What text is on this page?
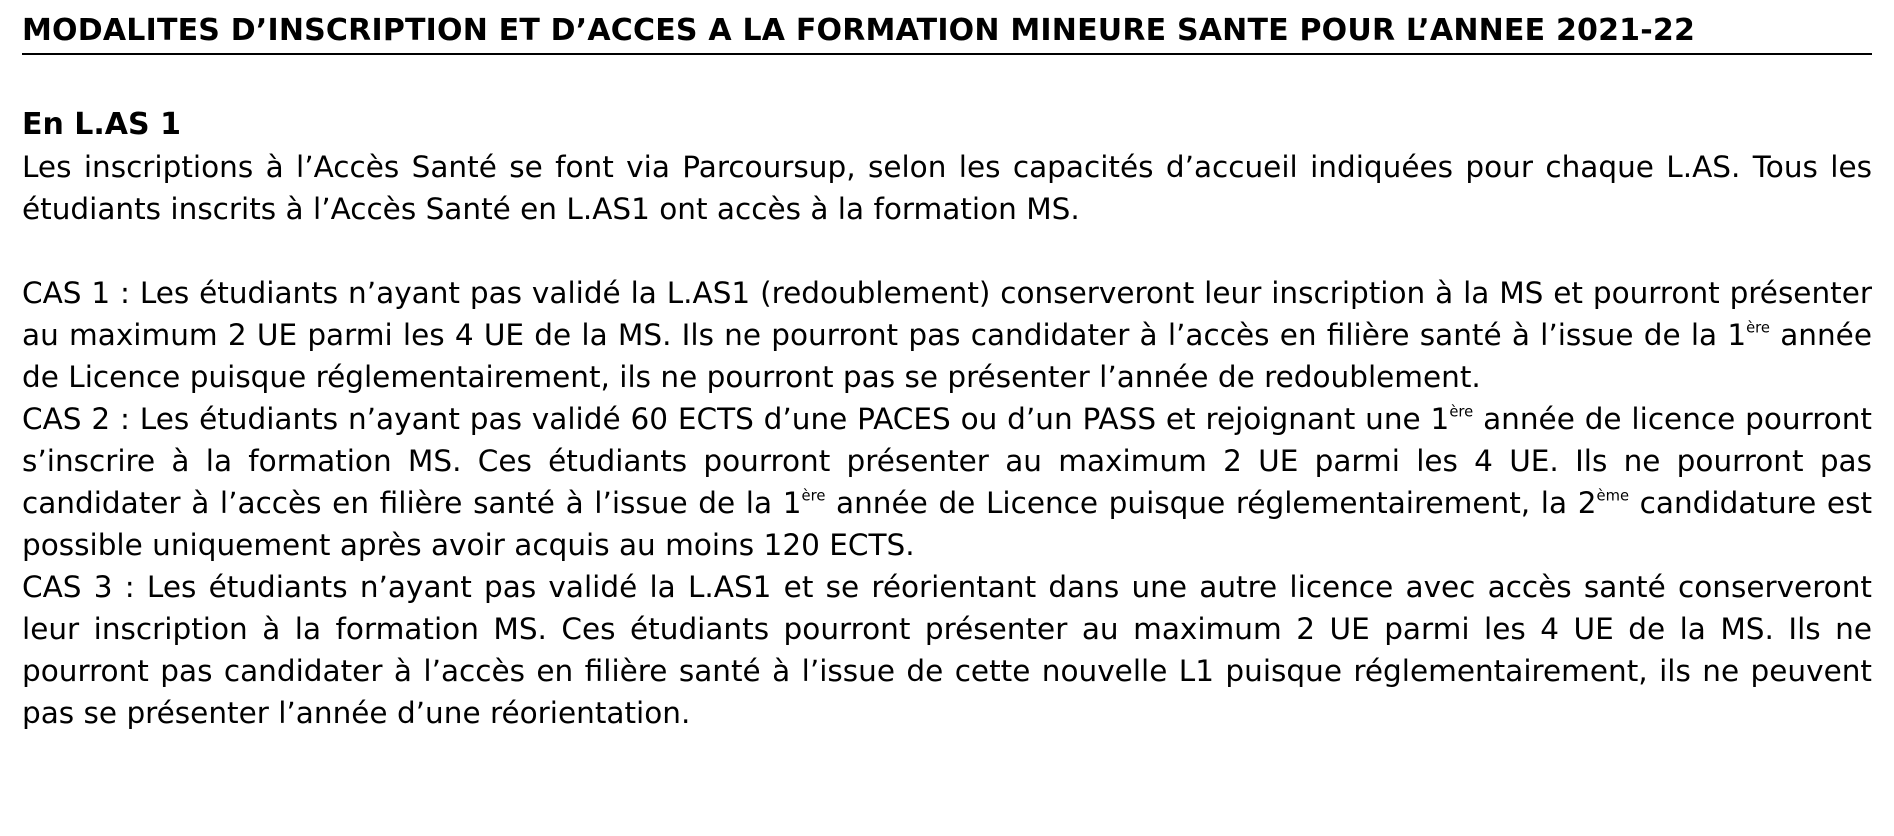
MODALITES D’INSCRIPTION ET D’ACCES A LA FORMATION MINEURE SANTE POUR L’ANNEE 2021-22
En L.AS 1

Les inscriptions à l’Accès Santé se font via Parcoursup, selon les capacités d’accueil indiquées pour chaque L.AS. Tous les étudiants inscrits à l’Accès Santé en L.AS1 ont accès à la formation MS.

CAS 1 : Les étudiants n’ayant pas validé la L.AS1 (redoublement) conserveront leur inscription à la MS et pourront présenter au maximum 2 UE parmi les 4 UE de la MS. Ils ne pourront pas candidater à l’accès en filière santé à l’issue de la 1ère année de Licence puisque réglementairement, ils ne pourront pas se présenter l’année de redoublement.

CAS 2 : Les étudiants n’ayant pas validé 60 ECTS d’une PACES ou d’un PASS et rejoignant une 1ère année de licence pourront s’inscrire à la formation MS. Ces étudiants pourront présenter au maximum 2 UE parmi les 4 UE. Ils ne pourront pas candidater à l’accès en filière santé à l’issue de la 1ère année de Licence puisque réglementairement, la 2ème candidature est possible uniquement après avoir acquis au moins 120 ECTS.

CAS 3 : Les étudiants n’ayant pas validé la L.AS1 et se réorientant dans une autre licence avec accès santé conserveront leur inscription à la formation MS. Ces étudiants pourront présenter au maximum 2 UE parmi les 4 UE de la MS. Ils ne pourront pas candidater à l’accès en filière santé à l’issue de cette nouvelle L1 puisque réglementairement, ils ne peuvent pas se présenter l’année d’une réorientation.
